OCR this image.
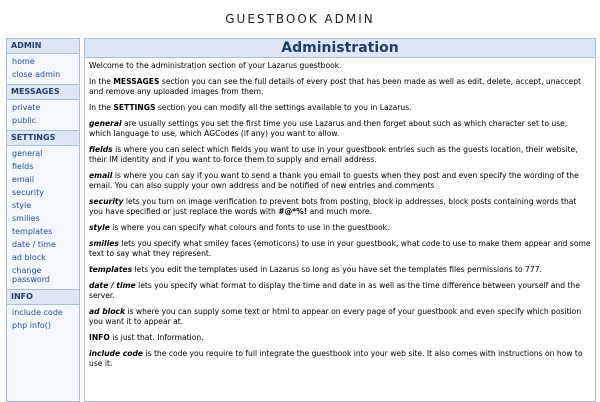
GUESTBOOK ADMIN
ADMIN
home
close admin
MESSAGES
private
public
SETTINGS
general
fields
email
security
style
smilies
templates
date / time
ad block
change password
INFO
include code
php info()
Administration

Welcome to the administration section of your Lazarus guestbook.

In the MESSAGES section you can see the full details of every post that has been made as well as edit, delete, accept, unaccept and remove any uploaded images from them.

In the SETTINGS section you can modify all the settings available to you in Lazarus.

general are usually settings you set the first time you use Lazarus and then forget about such as which character set to use, which language to use, which AGCodes (if any) you want to allow.

fields is where you can select which fields you want to use in your guestbook entries such as the guests location, their website, their IM identity and if you want to force them to supply and email address.

email is where you can say if you want to send a thank you email to guests when they post and even specify the wording of the email. You can also supply your own address and be notified of new entries and comments

security lets you turn on image verification to prevent bots from posting, block ip addresses, block posts containing words that you have specified or just replace the words with #@*%! and much more.

style is where you can specify what colours and fonts to use in the guestbook.

smilies lets you specify what smiley faces (emoticons) to use in your guestbook, what code to use to make them appear and some text to say what they represent.

templates lets you edit the templates used in Lazarus so long as you have set the templates files permissions to 777.

date / time lets you specify what format to display the time and date in as well as the time difference between yourself and the server.

ad block is where you can supply some text or html to appear on every page of your guestbook and even specify which position you want it to appear at.

INFO is just that. Information.

include code is the code you require to full integrate the guestbook into your web site. It also comes with instructions on how to use it.
